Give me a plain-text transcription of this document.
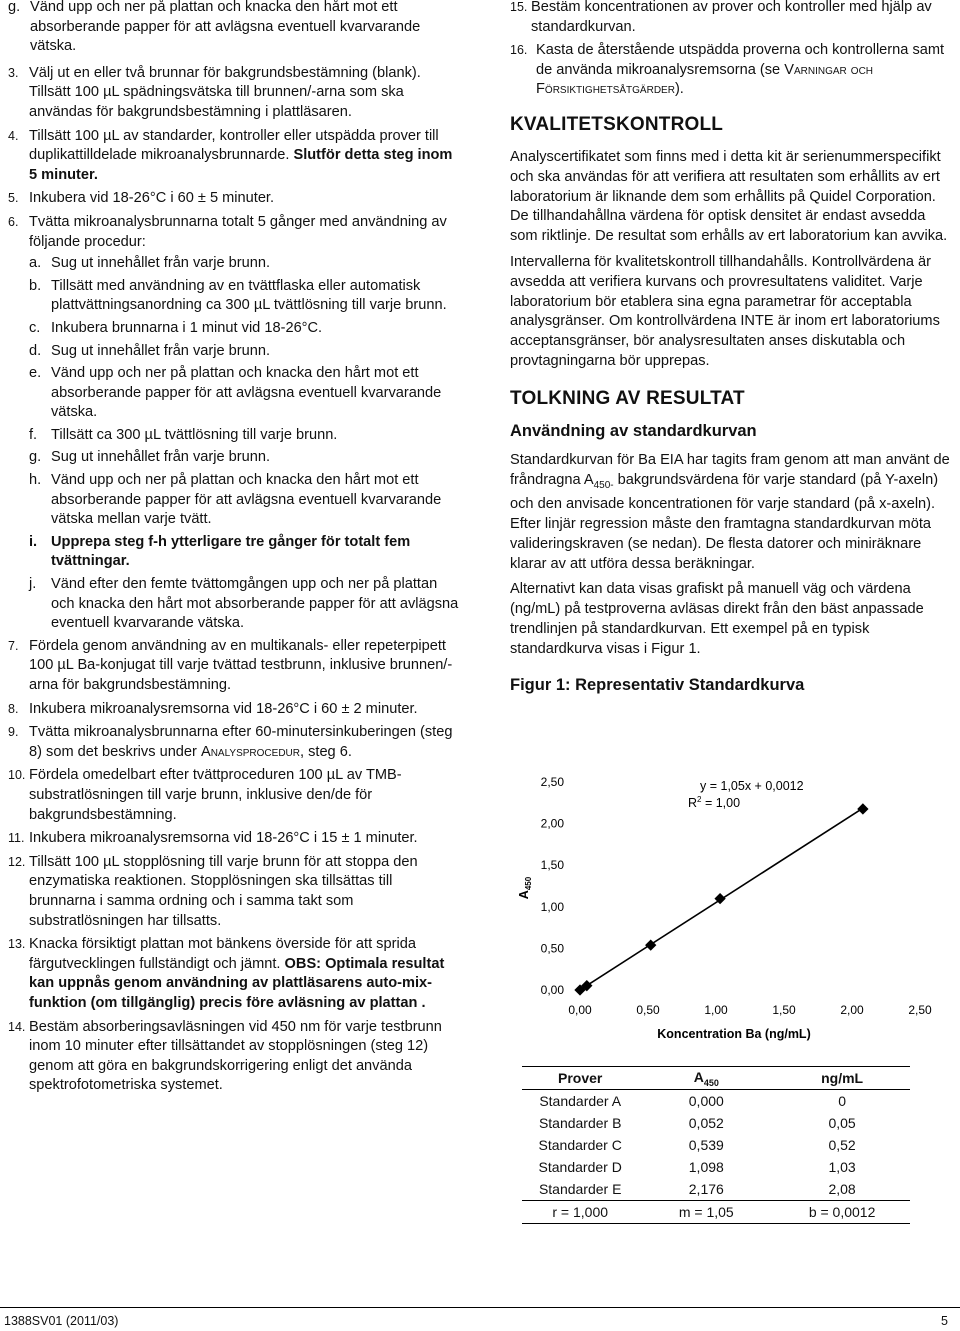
g. Vänd upp och ner på plattan och knacka den hårt mot ett absorberande papper för att avlägsna eventuell kvarvarande vätska.
3. Välj ut en eller två brunnar för bakgrundsbestämning (blank). Tillsätt 100 µL spädningsvätska till brunnen/-arna som ska användas för bakgrundsbestämning i plattläsaren.
4. Tillsätt 100 µL av standarder, kontroller eller utspädda prover till duplikattilldelade mikroanalysbrunnarde. Slutför detta steg inom 5 minuter.
5. Inkubera vid 18-26°C i 60 ± 5 minuter.
6. Tvätta mikroanalysbrunnarna totalt 5 gånger med användning av följande procedur:
a. Sug ut innehållet från varje brunn.
b. Tillsätt med användning av en tvättflaska eller automatisk plattvättningsanordning ca 300 µL tvättlösning till varje brunn.
c. Inkubera brunnarna i 1 minut vid 18-26°C.
d. Sug ut innehållet från varje brunn.
e. Vänd upp och ner på plattan och knacka den hårt mot ett absorberande papper för att avlägsna eventuell kvarvarande vätska.
f. Tillsätt ca 300 µL tvättlösning till varje brunn.
g. Sug ut innehållet från varje brunn.
h. Vänd upp och ner på plattan och knacka den hårt mot ett absorberande papper för att avlägsna eventuell kvarvarande vätska mellan varje tvätt.
i. Upprepa steg f-h ytterligare tre gånger för totalt fem tvättningar.
j. Vänd efter den femte tvättomgången upp och ner på plattan och knacka den hårt mot absorberande papper för att avlägsna eventuell kvarvarande vätska.
7. Fördela genom användning av en multikanals- eller repeterpipett 100 µL Ba-konjugat till varje tvättad testbrunn, inklusive brunnen/-arna för bakgrundsbestämning.
8. Inkubera mikroanalysremsorna vid 18-26°C i 60 ± 2 minuter.
9. Tvätta mikroanalysbrunnarna efter 60-minutersinkuberingen (steg 8) som det beskrivs under Analysprocedur, steg 6.
10. Fördela omedelbart efter tvättproceduren 100 µL av TMB-substratlösningen till varje brunn, inklusive den/de för bakgrundsbestämning.
11. Inkubera mikroanalysremsorna vid 18-26°C i 15 ± 1 minuter.
12. Tillsätt 100 µL stopplösning till varje brunn för att stoppa den enzymatiska reaktionen. Stopplösningen ska tillsättas till brunnarna i samma ordning och i samma takt som substratlösningen har tillsatts.
13. Knacka försiktigt plattan mot bänkens överside för att sprida färgutvecklingen fullständigt och jämnt. OBS: Optimala resultat kan uppnås genom användning av plattläsarens auto-mix-funktion (om tillgänglig) precis före avläsning av plattan .
14. Bestäm absorberingsavläsningen vid 450 nm för varje testbrunn inom 10 minuter efter tillsättandet av stopplösningen (steg 12) genom att göra en bakgrundskorrigering enligt det använda spektrofotometriska systemet.
15. Bestäm koncentrationen av prover och kontroller med hjälp av standardkurvan.
16. Kasta de återstående utspädda proverna och kontrollerna samt de använda mikroanalysremsorna (se Varningar och Försiktighetsåtgärder).
KVALITETSKONTROLL

Analyscertifikatet som finns med i detta kit är serienummerspecifikt och ska användas för att verifiera att resultaten som erhållits av ert laboratorium är liknande dem som erhållits på Quidel Corporation. De tillhandahållna värdena för optisk densitet är endast avsedda som riktlinje. De resultat som erhålls av ert laboratorium kan avvika.

Intervallerna för kvalitetskontroll tillhandahålls. Kontrollvärdena är avsedda att verifiera kurvans och provresultatens validitet. Varje laboratorium bör etablera sina egna parametrar för acceptabla analysgränser. Om kontrollvärdena INTE är inom ert laboratoriums acceptansgränser, bör analysresultaten anses diskutabla och provtagningarna bör upprepas.

TOLKNING AV RESULTAT
Användning av standardkurvan

Standardkurvan för Ba EIA har tagits fram genom att man använt de fråndragna $A_{450-}$ bakgrundsvärdena för varje standard (på Y-axeln) och den anvisade koncentrationen för varje standard (på x-axeln). Efter linjär regression måste den framtagna standardkurvan möta valideringskraven (se nedan). De flesta datorer och miniräknare klarar av att utföra dessa beräkningar.

Alternativt kan data visas grafiskt på manuell väg och värdena (ng/mL) på testproverna avläsas direkt från den bäst anpassade trendlinjen på standardkurvan. Ett exempel på en typisk standardkurva visas i Figur 1.

Figur 1: Representativ Standardkurva
0,00
0,50
1,00
1,50
2,00
2,50
0,00	0,50	1,00	1,50	2,00	2,50
y = 1,05x + 0,0012
$R^2 = 1,00$
Koncentration Ba (ng/mL)
$A_{450}$
Prover	$A_{450}$	ng/mL
Standarder A	0,000	0
Standarder B	0,052	0,05
Standarder C	0,539	0,52
Standarder D	1,098	1,03
Standarder E	2,176	2,08
r = 1,000	m = 1,05	b = 0,0012
1388SV01 (2011/03)	5
